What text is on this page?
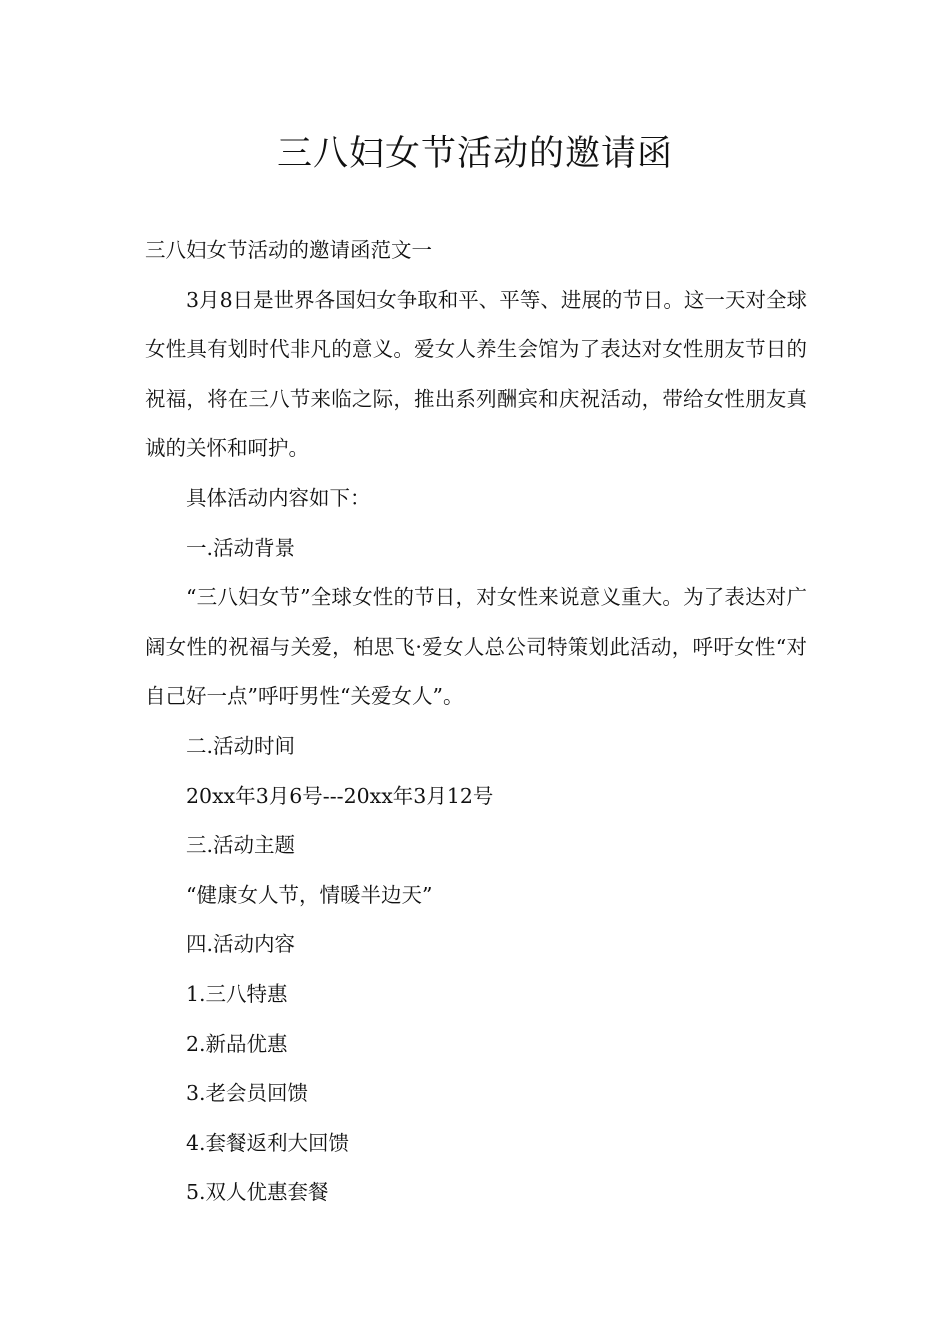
三八妇女节活动的邀请函

三八妇女节活动的邀请函范文一

3月8日是世界各国妇女争取和平、平等、进展的节日。这一天对全球女性具有划时代非凡的意义。爱女人养生会馆为了表达对女性朋友节日的祝福，将在三八节来临之际，推出系列酬宾和庆祝活动，带给女性朋友真诚的关怀和呵护。

具体活动内容如下：

一.活动背景

“三八妇女节”全球女性的节日，对女性来说意义重大。为了表达对广阔女性的祝福与关爱，柏思飞·爱女人总公司特策划此活动，呼吁女性“对自己好一点”呼吁男性“关爱女人”。

二.活动时间

20xx年3月6号---20xx年3月12号

三.活动主题

“健康女人节，情暖半边天”

四.活动内容

1.三八特惠

2.新品优惠

3.老会员回馈

4.套餐返利大回馈

5.双人优惠套餐
